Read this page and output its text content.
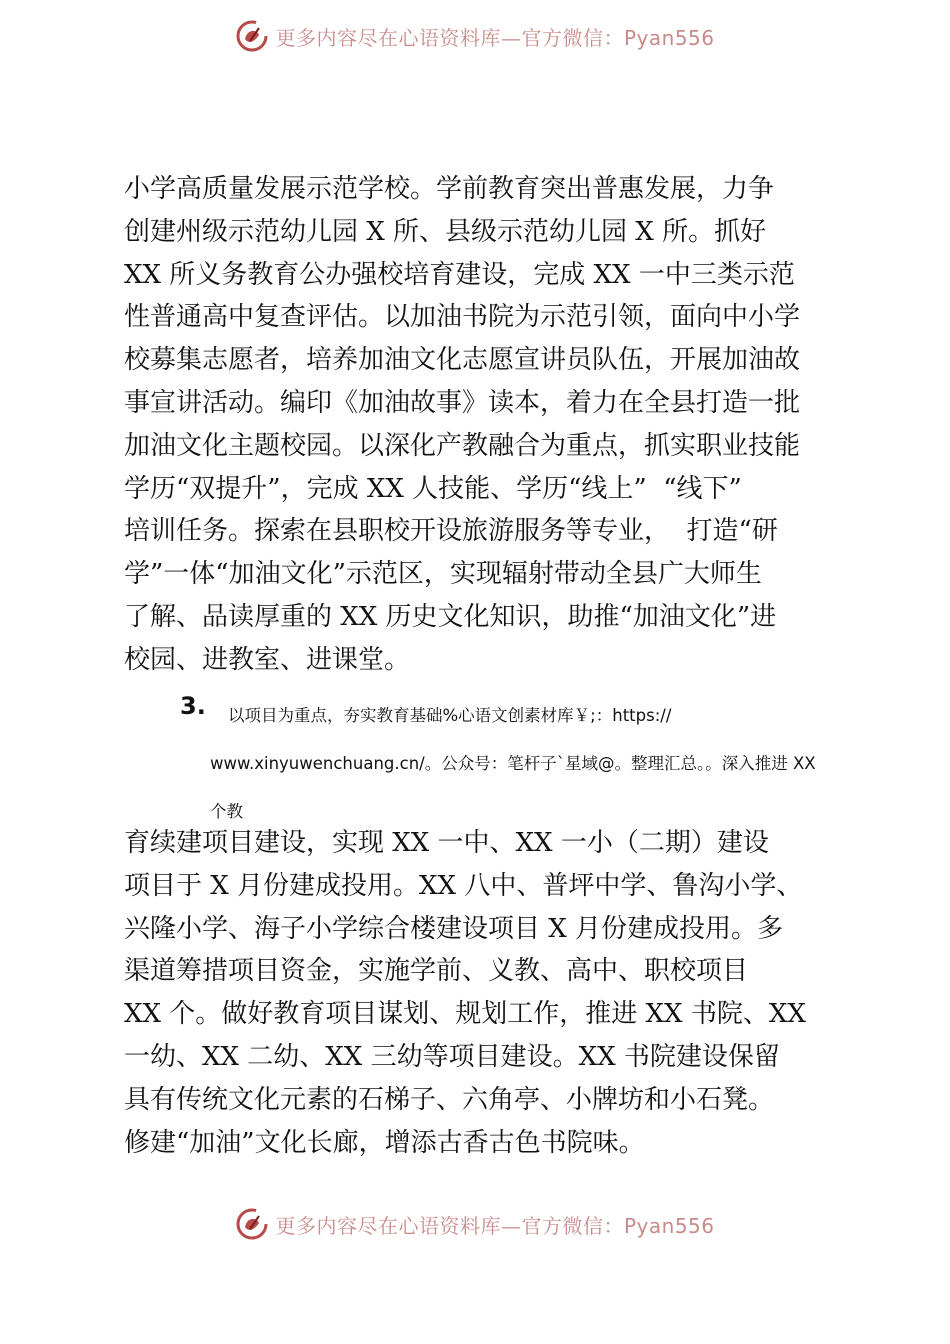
更多内容尽在心语资料库—官方微信：Pyan556
小学高质量发展示范学校。学前教育突出普惠发展，力争
创建州级示范幼儿园 X 所、县级示范幼儿园 X 所。抓好
XX 所义务教育公办强校培育建设，完成 XX 一中三类示范
性普通高中复查评估。以加油书院为示范引领，面向中小学
校募集志愿者，培养加油文化志愿宣讲员队伍，开展加油故
事宣讲活动。编印《加油故事》读本，着力在全县打造一批
加油文化主题校园。以深化产教融合为重点，抓实职业技能
学历“双提升”，完成 XX 人技能、学历“线上”  “线下”
培训任务。探索在县职校开设旅游服务等专业，  打造“研
学”一体“加油文化”示范区，实现辐射带动全县广大师生
了解、品读厚重的 XX 历史文化知识，助推“加油文化”进
校园、进教室、进课堂。
3. 以项目为重点，夯实教育基础%心语文创素材库￥;：https://
www.xinyuwenchuang.cn/。公众号：笔杆子`星域@。整理汇总。。深入推进 XX
个教
育续建项目建设，实现 XX 一中、XX 一小（二期）建设
项目于 X 月份建成投用。XX 八中、普坪中学、鲁沟小学、
兴隆小学、海子小学综合楼建设项目 X 月份建成投用。多
渠道筹措项目资金，实施学前、义教、高中、职校项目
XX 个。做好教育项目谋划、规划工作，推进 XX 书院、XX
一幼、XX 二幼、XX 三幼等项目建设。XX 书院建设保留
具有传统文化元素的石梯子、六角亭、小牌坊和小石凳。
修建“加油”文化长廊，增添古香古色书院味。
更多内容尽在心语资料库—官方微信：Pyan556
